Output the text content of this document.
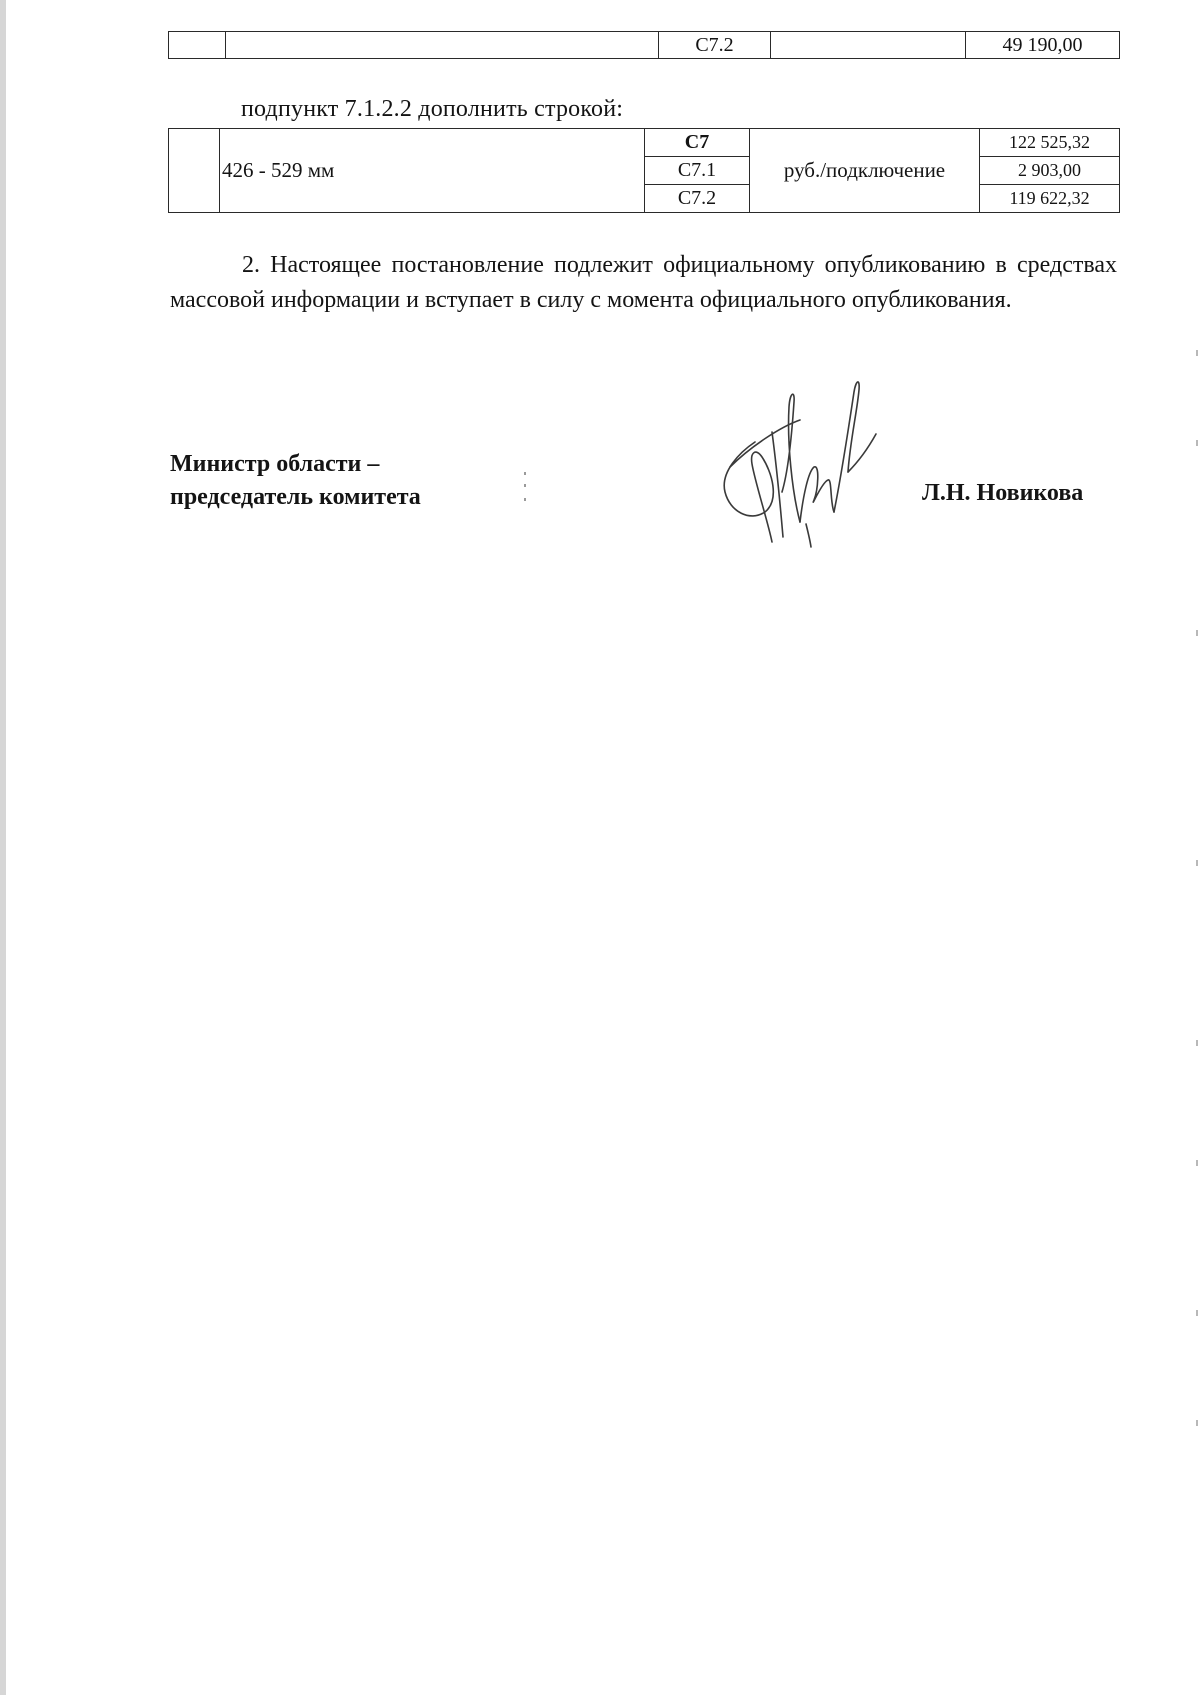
		С7.2		49 190,00
подпункт 7.1.2.2 дополнить строкой:
	426 - 529 мм	С7	руб./подключение	122 525,32
		С7.1		2 903,00
		С7.2		119 622,32

2. Настоящее постановление подлежит официальному опубликованию в средствах массовой информации и вступает в силу с момента официального опубликования.

Министр области –
председатель комитета	Л.Н. Новикова
